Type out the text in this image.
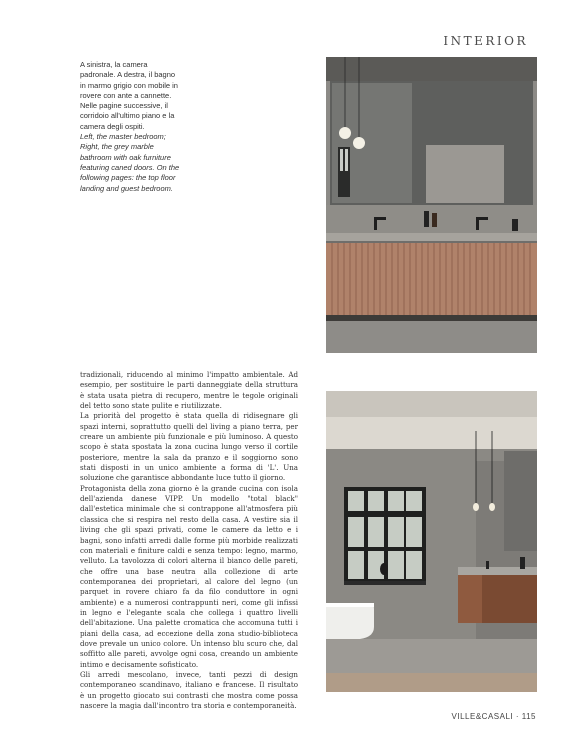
INTERIOR

A sinistra, la camera padronale. A destra, il bagno in marmo grigio con mobile in rovere con ante a cannette. Nelle pagine successive, il corridoio all'ultimo piano e la camera degli ospiti.

Left, the master bedroom; Right, the grey marble bathroom with oak furniture featuring caned doors. On the following pages: the top floor landing and guest bedroom.

tradizionali, riducendo al minimo l'impatto ambientale. Ad esempio, per sostituire le parti danneggiate della struttura è stata usata pietra di recupero, mentre le tegole originali del tetto sono state pulite e riutilizzate.

La priorità del progetto è stata quella di ridisegnare gli spazi interni, soprattutto quelli del living a piano terra, per creare un ambiente più funzionale e più luminoso. A questo scopo è stata spostata la zona cucina lungo verso il cortile posteriore, mentre la sala da pranzo e il soggiorno sono stati disposti in un unico ambiente a forma di 'L'. Una soluzione che garantisce abbondante luce tutto il giorno.

Protagonista della zona giorno è la grande cucina con isola dell'azienda danese VIPP. Un modello "total black" dall'estetica minimale che si contrappone all'atmosfera più classica che si respira nel resto della casa. A vestire sia il living che gli spazi privati, come le camere da letto e i bagni, sono infatti arredi dalle forme più morbide realizzati con materiali e finiture caldi e senza tempo: legno, marmo, velluto. La tavolozza di colori alterna il bianco delle pareti, che offre una base neutra alla collezione di arte contemporanea dei proprietari, al calore del legno (un parquet in rovere chiaro fa da filo conduttore in ogni ambiente) e a numerosi contrappunti neri, come gli infissi in legno e l'elegante scala che collega i quattro livelli dell'abitazione. Una palette cromatica che accomuna tutti i piani della casa, ad eccezione della zona studio-biblioteca dove prevale un unico colore. Un intenso blu scuro che, dal soffitto alle pareti, avvolge ogni cosa, creando un ambiente intimo e decisamente sofisticato.

Gli arredi mescolano, invece, tanti pezzi di design contemporaneo scandinavo, italiano e francese. Il risultato è un progetto giocato sui contrasti che mostra come possa nascere la magia dall'incontro tra storia e contemporaneità.

VILLE&CASALI · 115
